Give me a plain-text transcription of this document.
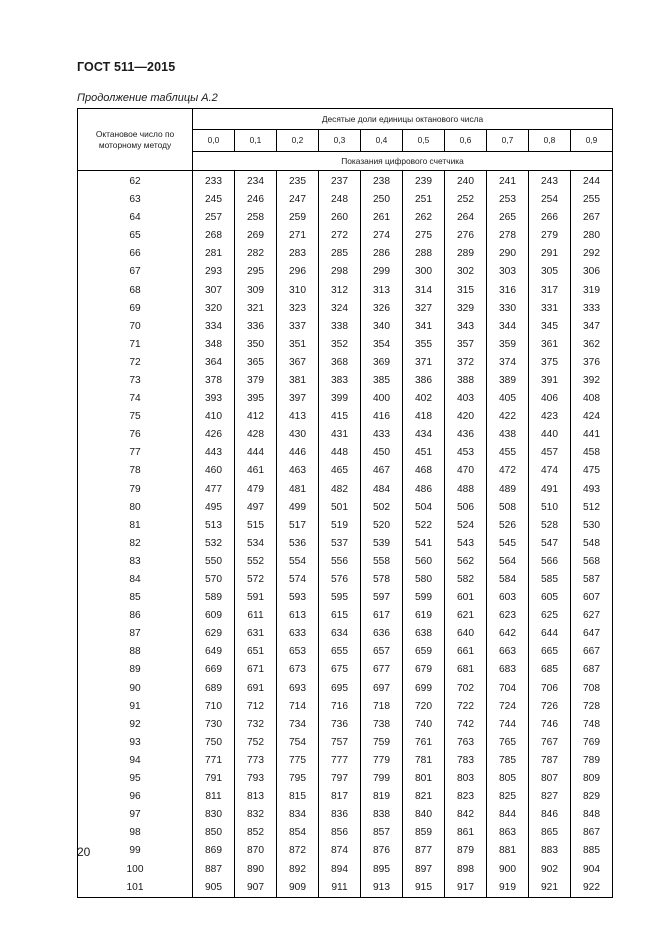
ГОСТ 511—2015
Продолжение таблицы А.2
Октановое число по моторному методу	Десятые доли единицы октанового числа									
	0,0	0,1	0,2	0,3	0,4	0,5	0,6	0,7	0,8	0,9
	Показания цифрового счетчика									
62	233	234	235	237	238	239	240	241	243	244
63	245	246	247	248	250	251	252	253	254	255
64	257	258	259	260	261	262	264	265	266	267
65	268	269	271	272	274	275	276	278	279	280
66	281	282	283	285	286	288	289	290	291	292
67	293	295	296	298	299	300	302	303	305	306
68	307	309	310	312	313	314	315	316	317	319
69	320	321	323	324	326	327	329	330	331	333
70	334	336	337	338	340	341	343	344	345	347
71	348	350	351	352	354	355	357	359	361	362
72	364	365	367	368	369	371	372	374	375	376
73	378	379	381	383	385	386	388	389	391	392
74	393	395	397	399	400	402	403	405	406	408
75	410	412	413	415	416	418	420	422	423	424
76	426	428	430	431	433	434	436	438	440	441
77	443	444	446	448	450	451	453	455	457	458
78	460	461	463	465	467	468	470	472	474	475
79	477	479	481	482	484	486	488	489	491	493
80	495	497	499	501	502	504	506	508	510	512
81	513	515	517	519	520	522	524	526	528	530
82	532	534	536	537	539	541	543	545	547	548
83	550	552	554	556	558	560	562	564	566	568
84	570	572	574	576	578	580	582	584	585	587
85	589	591	593	595	597	599	601	603	605	607
86	609	611	613	615	617	619	621	623	625	627
87	629	631	633	634	636	638	640	642	644	647
88	649	651	653	655	657	659	661	663	665	667
89	669	671	673	675	677	679	681	683	685	687
90	689	691	693	695	697	699	702	704	706	708
91	710	712	714	716	718	720	722	724	726	728
92	730	732	734	736	738	740	742	744	746	748
93	750	752	754	757	759	761	763	765	767	769
94	771	773	775	777	779	781	783	785	787	789
95	791	793	795	797	799	801	803	805	807	809
96	811	813	815	817	819	821	823	825	827	829
97	830	832	834	836	838	840	842	844	846	848
98	850	852	854	856	857	859	861	863	865	867
99	869	870	872	874	876	877	879	881	883	885
100	887	890	892	894	895	897	898	900	902	904
101	905	907	909	911	913	915	917	919	921	922
20
